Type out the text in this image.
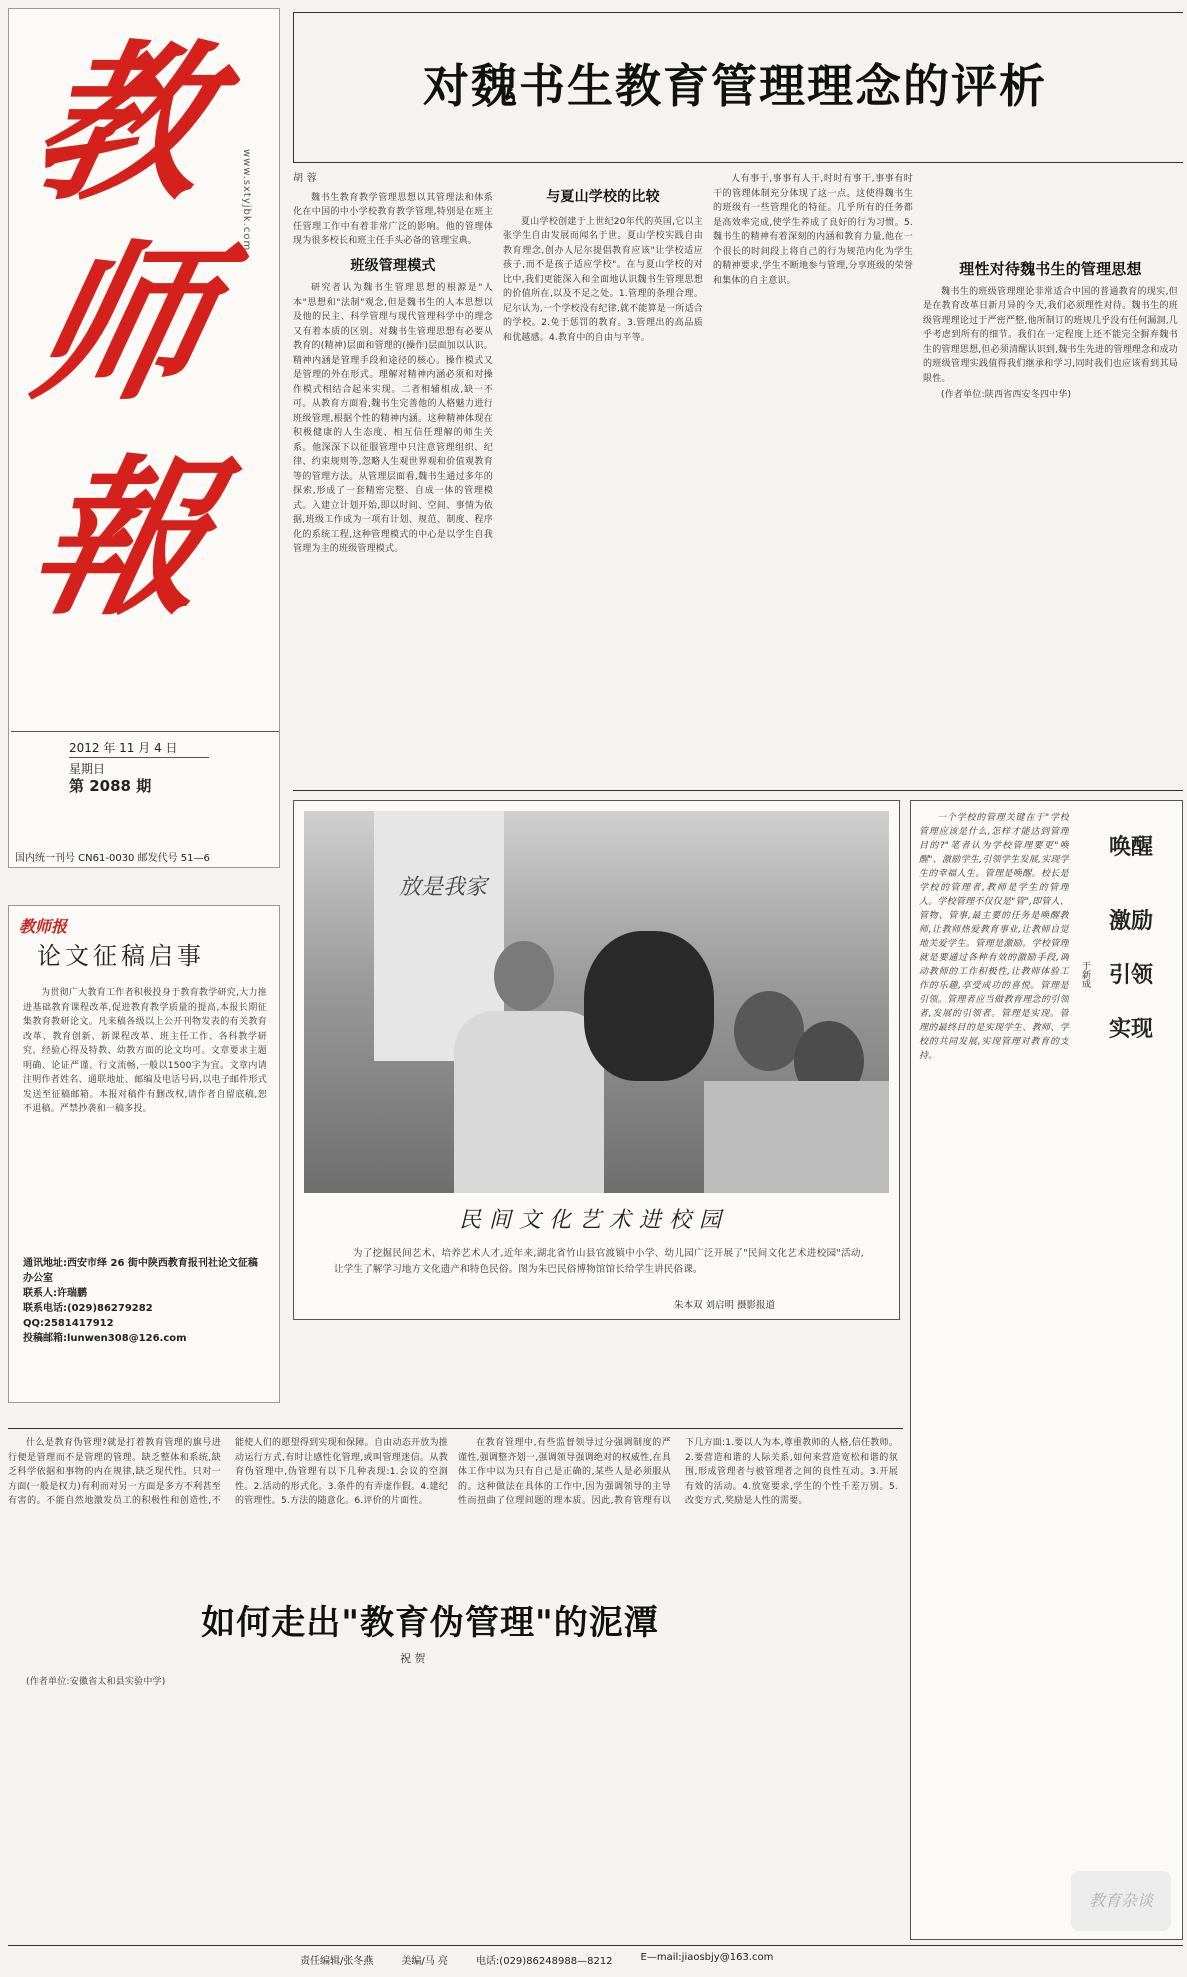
教
师
報
www.sxtyjbk.com
2012 年 11 月 4 日
星期日
第 2088 期
国内统一刊号 CN61-0030 邮发代号 51—6
对魏书生教育管理理念的评析
胡 蓉

魏书生教育教学管理思想以其管理法和体系化在中国的中小学校教育教学管理,特别是在班主任管理工作中有着非常广泛的影响。他的管理体现为很多校长和班主任手头必备的管理宝典。

班级管理模式

研究者认为魏书生管理思想的根源是"人本"思想和"法制"观念,但是魏书生的人本思想以及他的民主、科学管理与现代管理科学中的理念又有着本质的区别。对魏书生管理思想有必要从教育的(精神)层面和管理的(操作)层面加以认识。精神内涵是管理手段和途径的核心。操作模式又是管理的外在形式。理解对精神内涵必须和对操作模式相结合起来实现。二者相辅相成,缺一不可。从教育方面看,魏书生完善他的人格魅力进行班级管理,根据个性的精神内涵。这种精神体现在积极健康的人生态度、相互信任理解的师生关系。他深深下以征服管理中只注意管理组织、纪律、约束规则等,忽略人生观世界观和价值观教育等的管理方法。从管理层面看,魏书生通过多年的探索,形成了一套精密完整、自成一体的管理模式。入建立计划开始,即以时间、空间、事情为依据,班级工作成为一项有计划、规范、制度、程序化的系统工程,这种管理模式的中心是以学生自我管理为主的班级管理模式。

与夏山学校的比较

夏山学校创建于上世纪20年代的英国,它以主张学生自由发展而闻名于世。夏山学校实践自由教育理念,创办人尼尔提倡教育应该"让学校适应孩子,而不是孩子适应学校"。在与夏山学校的对比中,我们更能深入和全面地认识魏书生管理思想的价值所在,以及不足之处。1.管理的条理合理。尼尔认为,一个学校没有纪律,就不能算是一所适合的学校。2.免于惩罚的教育。3.管理出的高品质和优越感。4.教育中的自由与平等。

人有事干,事事有人干,时时有事干,事事有时干的管理体制充分体现了这一点。这使得魏书生的班级有一些管理化的特征。几乎所有的任务都是高效率完成,使学生养成了良好的行为习惯。5.魏书生的精神有着深刻的内涵和教育力量,他在一个很长的时间段上将自己的行为规范内化为学生的精神要求,学生不断地参与管理,分享班级的荣誉和集体的自主意识。

理性对待魏书生的管理思想

魏书生的班级管理理论非常适合中国的普通教育的现实,但是在教育改革日新月异的今天,我们必须理性对待。魏书生的班级管理理论过于严密严整,他所制订的班规几乎没有任何漏洞,几乎考虑到所有的细节。我们在一定程度上还不能完全摒弃魏书生的管理思想,但必须清醒认识到,魏书生先进的管理理念和成功的班级管理实践值得我们继承和学习,同时我们也应该看到其局限性。

(作者单位:陕西省西安冬四中华)

教师报
论文征稿启事

为贯彻广大教育工作者积极投身于教育教学研究,大力推进基础教育课程改革,促进教育教学质量的提高,本报长期征集教育教研论文。凡来稿各级以上公开刊物发表的有关教育改革、教育创新、新课程改革、班主任工作、各科教学研究、经验心得及特教、幼教方面的论文均可。文章要求主题明确、论证严谨、行文流畅,一般以1500字为宜。文章内请注明作者姓名、通联地址、邮编及电话号码,以电子邮件形式发送至征稿邮箱。本报对稿件有删改权,请作者自留底稿,恕不退稿。严禁抄袭和一稿多投。

通讯地址:西安市绎 26 街中陕西教育报刊社论文征稿办公室
联系人:许瑞鹏
联系电话:(029)86279282
QQ:2581417912
投稿邮箱:lunwen308@126.com
放是我家
民间文化艺术进校园

为了挖掘民间艺术、培养艺术人才,近年来,湖北省竹山县官渡镇中小学、幼儿园广泛开展了"民间文化艺术进校园"活动,让学生了解学习地方文化遗产和特色民俗。图为朱巴民俗博物馆馆长给学生讲民俗课。

朱本双 刘启明 摄影报道

一个学校的管理关键在于"学校管理应该是什么,怎样才能达到管理目的?"笔者认为学校管理要更"唤醒"、激励学生,引领学生发展,实现学生的幸福人生。管理是唤醒。校长是学校的管理者,教师是学生的管理人。学校管理不仅仅是"管",即管人、管物、管事,最主要的任务是唤醒教师,让教师热爱教育事业,让教师自觉地关爱学生。管理是激励。学校管理就是要通过各种有效的激励手段,调动教师的工作积极性,让教师体验工作的乐趣,享受成功的喜悦。管理是引领。管理者应当做教育理念的引领者,发展的引领者。管理是实现。管理的最终目的是实现学生、教师、学校的共同发展,实现管理对教育的支持。

唤醒
激励
引领
实现
于新成
教育杂谈

什么是教育伪管理?就是打着教育管理的旗号进行便是管理而不是管理的管理。缺乏整体和系统,缺乏科学依据和事物的内在规律,缺乏现代性。只对一方面(一般是权力)有利而对另一方面是多方不利甚至有害的。不能自然地激发员工的积极性和创造性,不能使人们的愿望得到实现和保障。自由动态开放为推动运行方式,有时让感性化管理,或叫管理迷信。从教育伪管理中,伪管理有以下几种表现:1.会议的空洞性。2.活动的形式化。3.条件的有弄虚作假。4.建纪的管理性。5.方法的随意化。6.评价的片面性。

在教育管理中,有些监督领导过分强调制度的严谨性,强调整齐划一,强调领导强调绝对的权威性,在具体工作中以为只有自己是正确的,某些人是必须服从的。这种做法在具体的工作中,因为强调领导的主导性而扭曲了位理间题的理本质。因此,教育管理有以下几方面:1.要以人为本,尊重教师的人格,信任教师。2.要营造和谐的人际关系,如何来营造宽松和谐的氛围,形成管理者与被管理者之间的良性互动。3.开展有效的活动。4.放宽要求,学生的个性千差万别。5.改变方式,奖励是人性的需要。

如何走出"教育伪管理"的泥潭
祝 贺

(作者单位:安徽省太和县实验中学)

责任编辑/张冬燕	美编/马 亮	电话:(029)86248988—8212	E—mail:jiaosbjy@163.com
